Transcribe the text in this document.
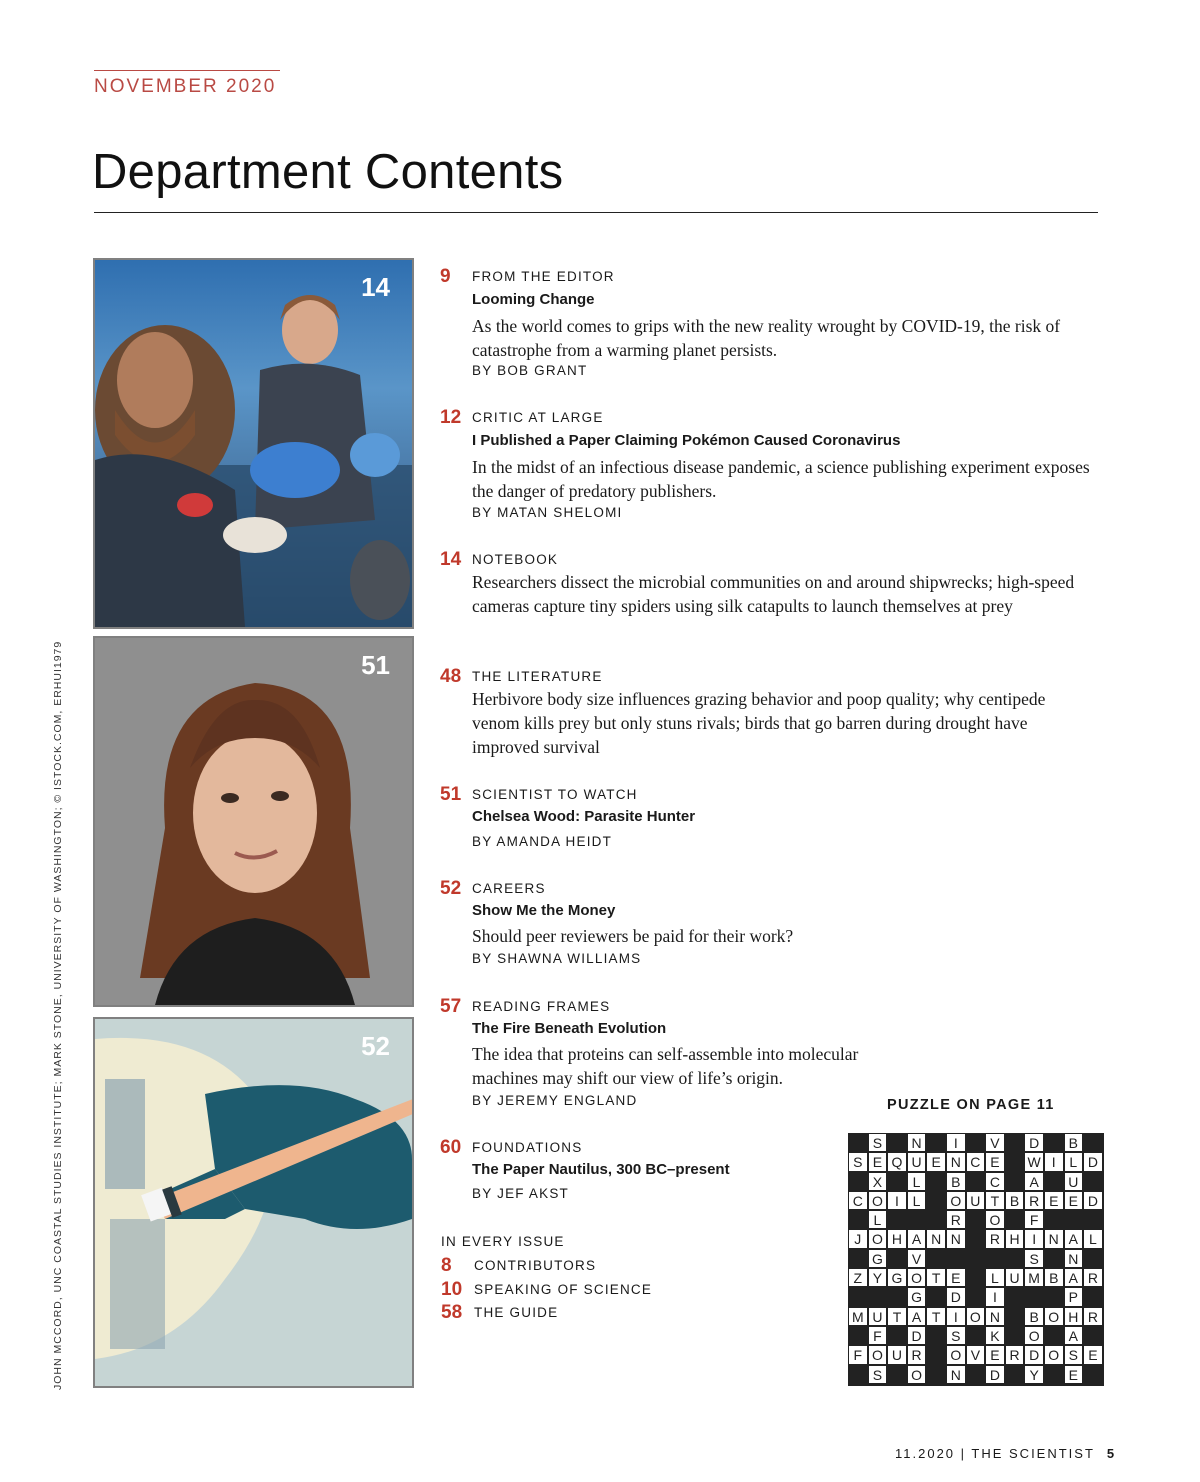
NOVEMBER 2020
Department Contents
JOHN MCCORD, UNC COASTAL STUDIES INSTITUTE; MARK STONE, UNIVERSITY OF WASHINGTON; © ISTOCK.COM, ERHUI1979
14
51
52
9 FROM THE EDITOR
Looming Change
As the world comes to grips with the new reality wrought by COVID-19, the risk of catastrophe from a warming planet persists.
BY BOB GRANT
12 CRITIC AT LARGE
I Published a Paper Claiming Pokémon Caused Coronavirus
In the midst of an infectious disease pandemic, a science publishing experiment exposes the danger of predatory publishers.
BY MATAN SHELOMI
14 NOTEBOOK
Researchers dissect the microbial communities on and around shipwrecks; high-speed cameras capture tiny spiders using silk catapults to launch themselves at prey
48 THE LITERATURE
Herbivore body size influences grazing behavior and poop quality; why centipede venom kills prey but only stuns rivals; birds that go barren during drought have improved survival
51 SCIENTIST TO WATCH
Chelsea Wood: Parasite Hunter
BY AMANDA HEIDT
52 CAREERS
Show Me the Money
Should peer reviewers be paid for their work?
BY SHAWNA WILLIAMS
57 READING FRAMES
The Fire Beneath Evolution
The idea that proteins can self-assemble into molecular machines may shift our view of life’s origin.
BY JEREMY ENGLAND
60 FOUNDATIONS
The Paper Nautilus, 300 BC–present
BY JEF AKST
IN EVERY ISSUE
8 CONTRIBUTORS
10 SPEAKING OF SCIENCE
58 THE GUIDE
PUZZLE ON PAGE 11
S	N	I	V	D	B
S E Q U E N C E	W I L D
X	L	B	C	A	U
C O I L	O U T B R E E D
L	R	O	F
J O H A N N	R H I N A L
G	V	S	N
Z Y G O T E	L U M B A R
G	D	I	P
M U T A T I O N	B O H R
F	D	S	K	O	A
F O U R	O V E R D O S E
S	O	N	D	Y	E
11.2020 | THE SCIENTIST 5
